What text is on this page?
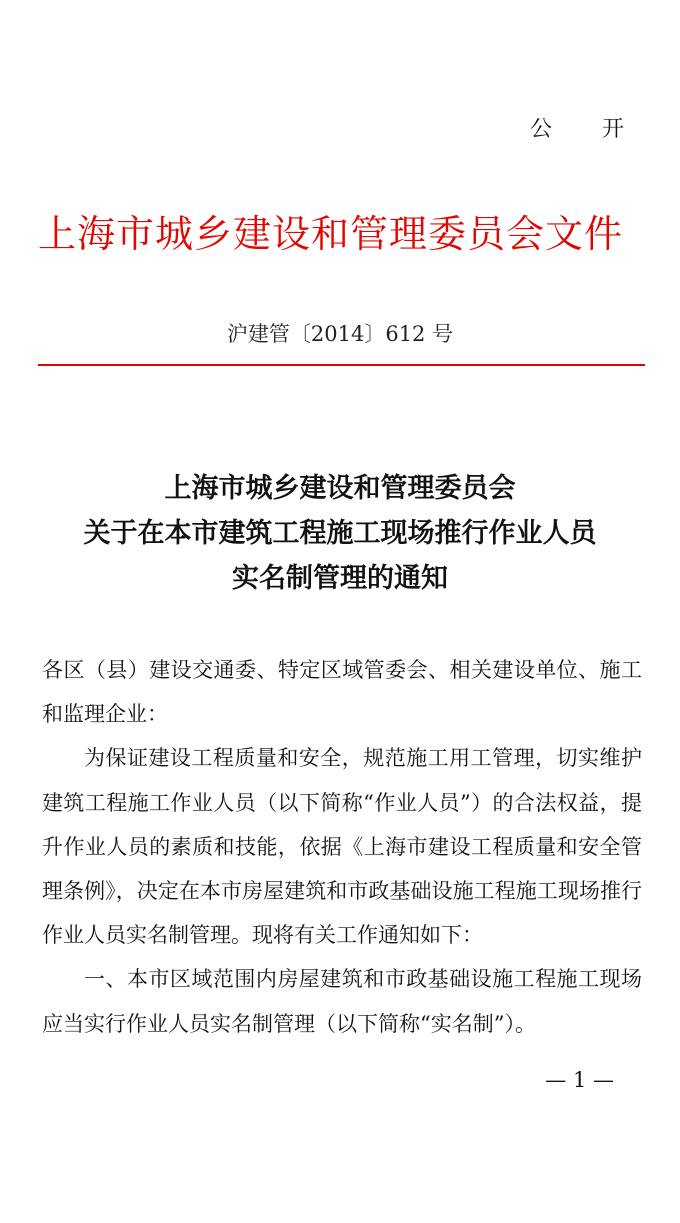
公　开
上海市城乡建设和管理委员会文件
沪建管〔2014〕612 号
上海市城乡建设和管理委员会
关于在本市建筑工程施工现场推行作业人员
实名制管理的通知

各区（县）建设交通委、特定区域管委会、相关建设单位、施工和监理企业：

为保证建设工程质量和安全，规范施工用工管理，切实维护建筑工程施工作业人员（以下简称“作业人员”）的合法权益，提升作业人员的素质和技能，依据《上海市建设工程质量和安全管理条例》，决定在本市房屋建筑和市政基础设施工程施工现场推行作业人员实名制管理。现将有关工作通知如下：

一、本市区域范围内房屋建筑和市政基础设施工程施工现场应当实行作业人员实名制管理（以下简称“实名制”）。

— 1 —
